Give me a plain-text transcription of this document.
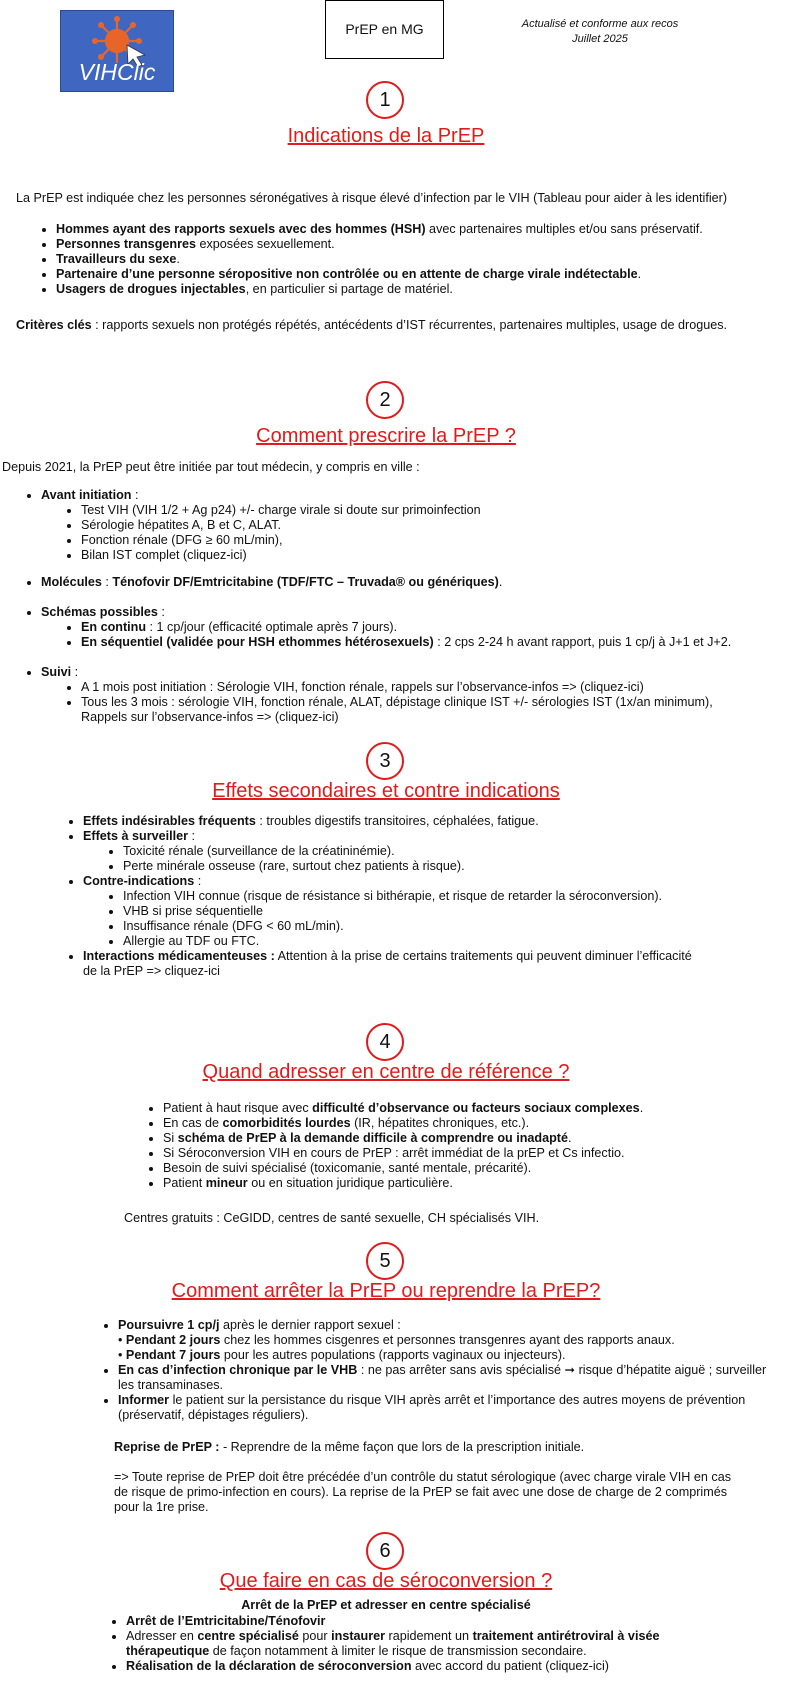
VIHClic
PrEP en MG	Actualisé et conforme aux recos
Juillet 2025
1
Indications de la PrEP

La PrEP est indiquée chez les personnes séronégatives à risque élevé d’infection par le VIH (Tableau pour aider à les identifier)

• Hommes ayant des rapports sexuels avec des hommes (HSH) avec partenaires multiples et/ou sans préservatif.
• Personnes transgenres exposées sexuellement.
• Travailleurs du sexe.
• Partenaire d’une personne séropositive non contrôlée ou en attente de charge virale indétectable.
• Usagers de drogues injectables, en particulier si partage de matériel.

Critères clés : rapports sexuels non protégés répétés, antécédents d’IST récurrentes, partenaires multiples, usage de drogues.

2
Comment prescrire la PrEP ?

Depuis 2021, la PrEP peut être initiée par tout médecin, y compris en ville :

• Avant initiation :
• Test VIH (VIH 1/2 + Ag p24) +/- charge virale si doute sur primoinfection
• Sérologie hépatites A, B et C, ALAT.
• Fonction rénale (DFG ≥ 60 mL/min),
• Bilan IST complet (cliquez-ici)
• Molécules : Ténofovir DF/Emtricitabine (TDF/FTC – Truvada® ou génériques).
• Schémas possibles :
• En continu : 1 cp/jour (efficacité optimale après 7 jours).
• En séquentiel (validée pour HSH ethommes hétérosexuels) : 2 cps 2-24 h avant rapport, puis 1 cp/j à J+1 et J+2.
• Suivi :
• A 1 mois post initiation : Sérologie VIH, fonction rénale, rappels sur l’observance-infos => (cliquez-ici)
• Tous les 3 mois : sérologie VIH, fonction rénale, ALAT, dépistage clinique IST +/- sérologies IST (1x/an minimum),
Rappels sur l’observance-infos => (cliquez-ici)
3
Effets secondaires et contre indications
• Effets indésirables fréquents : troubles digestifs transitoires, céphalées, fatigue.
• Effets à surveiller :
• Toxicité rénale (surveillance de la créatininémie).
• Perte minérale osseuse (rare, surtout chez patients à risque).
• Contre-indications :
• Infection VIH connue (risque de résistance si bithérapie, et risque de retarder la séroconversion).
• VHB si prise séquentielle
• Insuffisance rénale (DFG < 60 mL/min).
• Allergie au TDF ou FTC.
• Interactions médicamenteuses : Attention à la prise de certains traitements qui peuvent diminuer l’efficacité
de la PrEP => cliquez-ici
4
Quand adresser en centre de référence ?
• Patient à haut risque avec difficulté d’observance ou facteurs sociaux complexes.
• En cas de comorbidités lourdes (IR, hépatites chroniques, etc.).
• Si schéma de PrEP à la demande difficile à comprendre ou inadapté.
• Si Séroconversion VIH en cours de PrEP : arrêt immédiat de la prEP et Cs infectio.
• Besoin de suivi spécialisé (toxicomanie, santé mentale, précarité).
• Patient mineur ou en situation juridique particulière.

Centres gratuits : CeGIDD, centres de santé sexuelle, CH spécialisés VIH.

5
Comment arrêter la PrEP ou reprendre la PrEP?
• Poursuivre 1 cp/j après le dernier rapport sexuel :
• Pendant 2 jours chez les hommes cisgenres et personnes transgenres ayant des rapports anaux.
• Pendant 7 jours pour les autres populations (rapports vaginaux ou injecteurs).
• En cas d’infection chronique par le VHB : ne pas arrêter sans avis spécialisé ➞ risque d’hépatite aiguë ; surveiller
les transaminases.
• Informer le patient sur la persistance du risque VIH après arrêt et l’importance des autres moyens de prévention
(préservatif, dépistages réguliers).

Reprise de PrEP : - Reprendre de la même façon que lors de la prescription initiale.

=> Toute reprise de PrEP doit être précédée d’un contrôle du statut sérologique (avec charge virale VIH en cas
de risque de primo-infection en cours). La reprise de la PrEP se fait avec une dose de charge de 2 comprimés
pour la 1re prise.

6
Que faire en cas de séroconversion ?

Arrêt de la PrEP et adresser en centre spécialisé

• Arrêt de l’Emtricitabine/Ténofovir
• Adresser en centre spécialisé pour instaurer rapidement un traitement antirétroviral à visée
thérapeutique de façon notamment à limiter le risque de transmission secondaire.
• Réalisation de la déclaration de séroconversion avec accord du patient (cliquez-ici)
